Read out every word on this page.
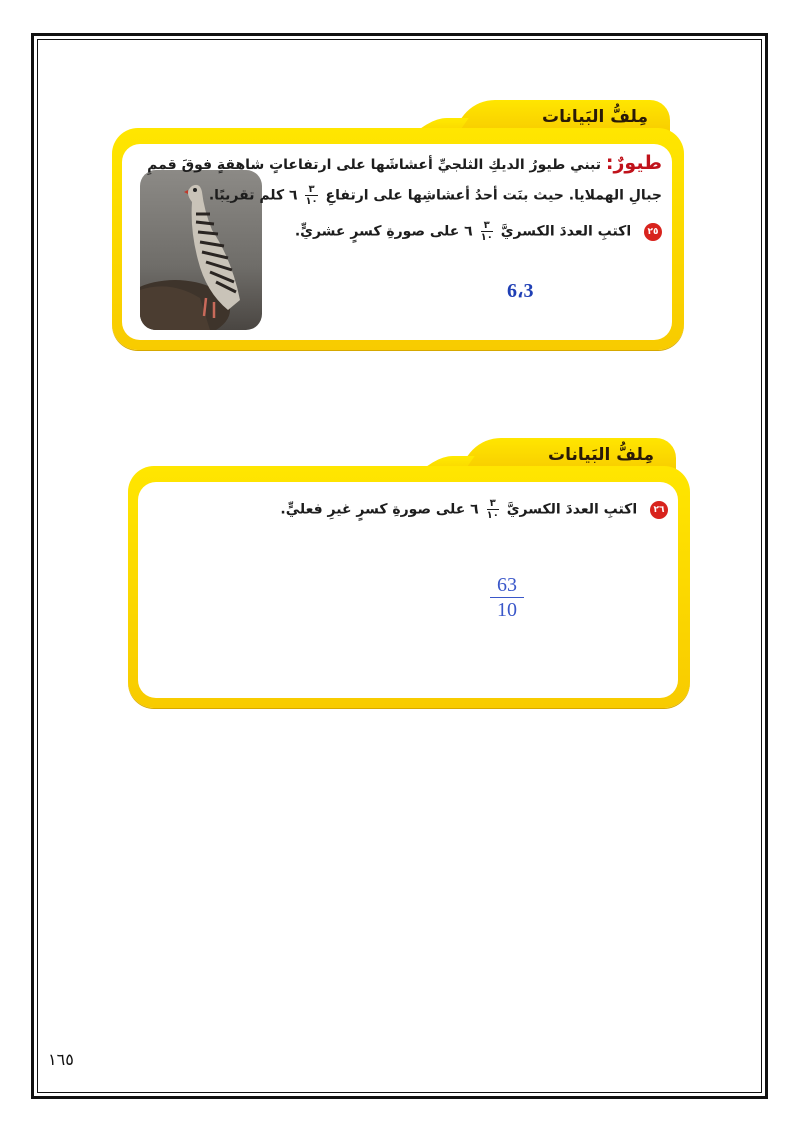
مِلفُّ البَيانات
طيورٌ: تبني طيورُ الديكِ الثلجيِّ أعشاشَها على ارتفاعاتٍ شاهقةٍ فوقَ قممِ
جبالِ الهملايا. حيث بنَت أحدُ أعشاشِها على ارتفاعِ
$\frac{٣}{١٠}$
٦ كلم تقريبًا.
٢٥ اكتبِ العددَ الكسريَّ
$\frac{٣}{١٠}$
٦ على صورةِ كسرٍ عشريٍّ.
6،3
مِلفُّ البَيانات
٢٦ اكتبِ العددَ الكسريَّ
$\frac{٣}{١٠}$
٦ على صورةِ كسرٍ غيرِ فعليٍّ.
63
10
١٦٥
